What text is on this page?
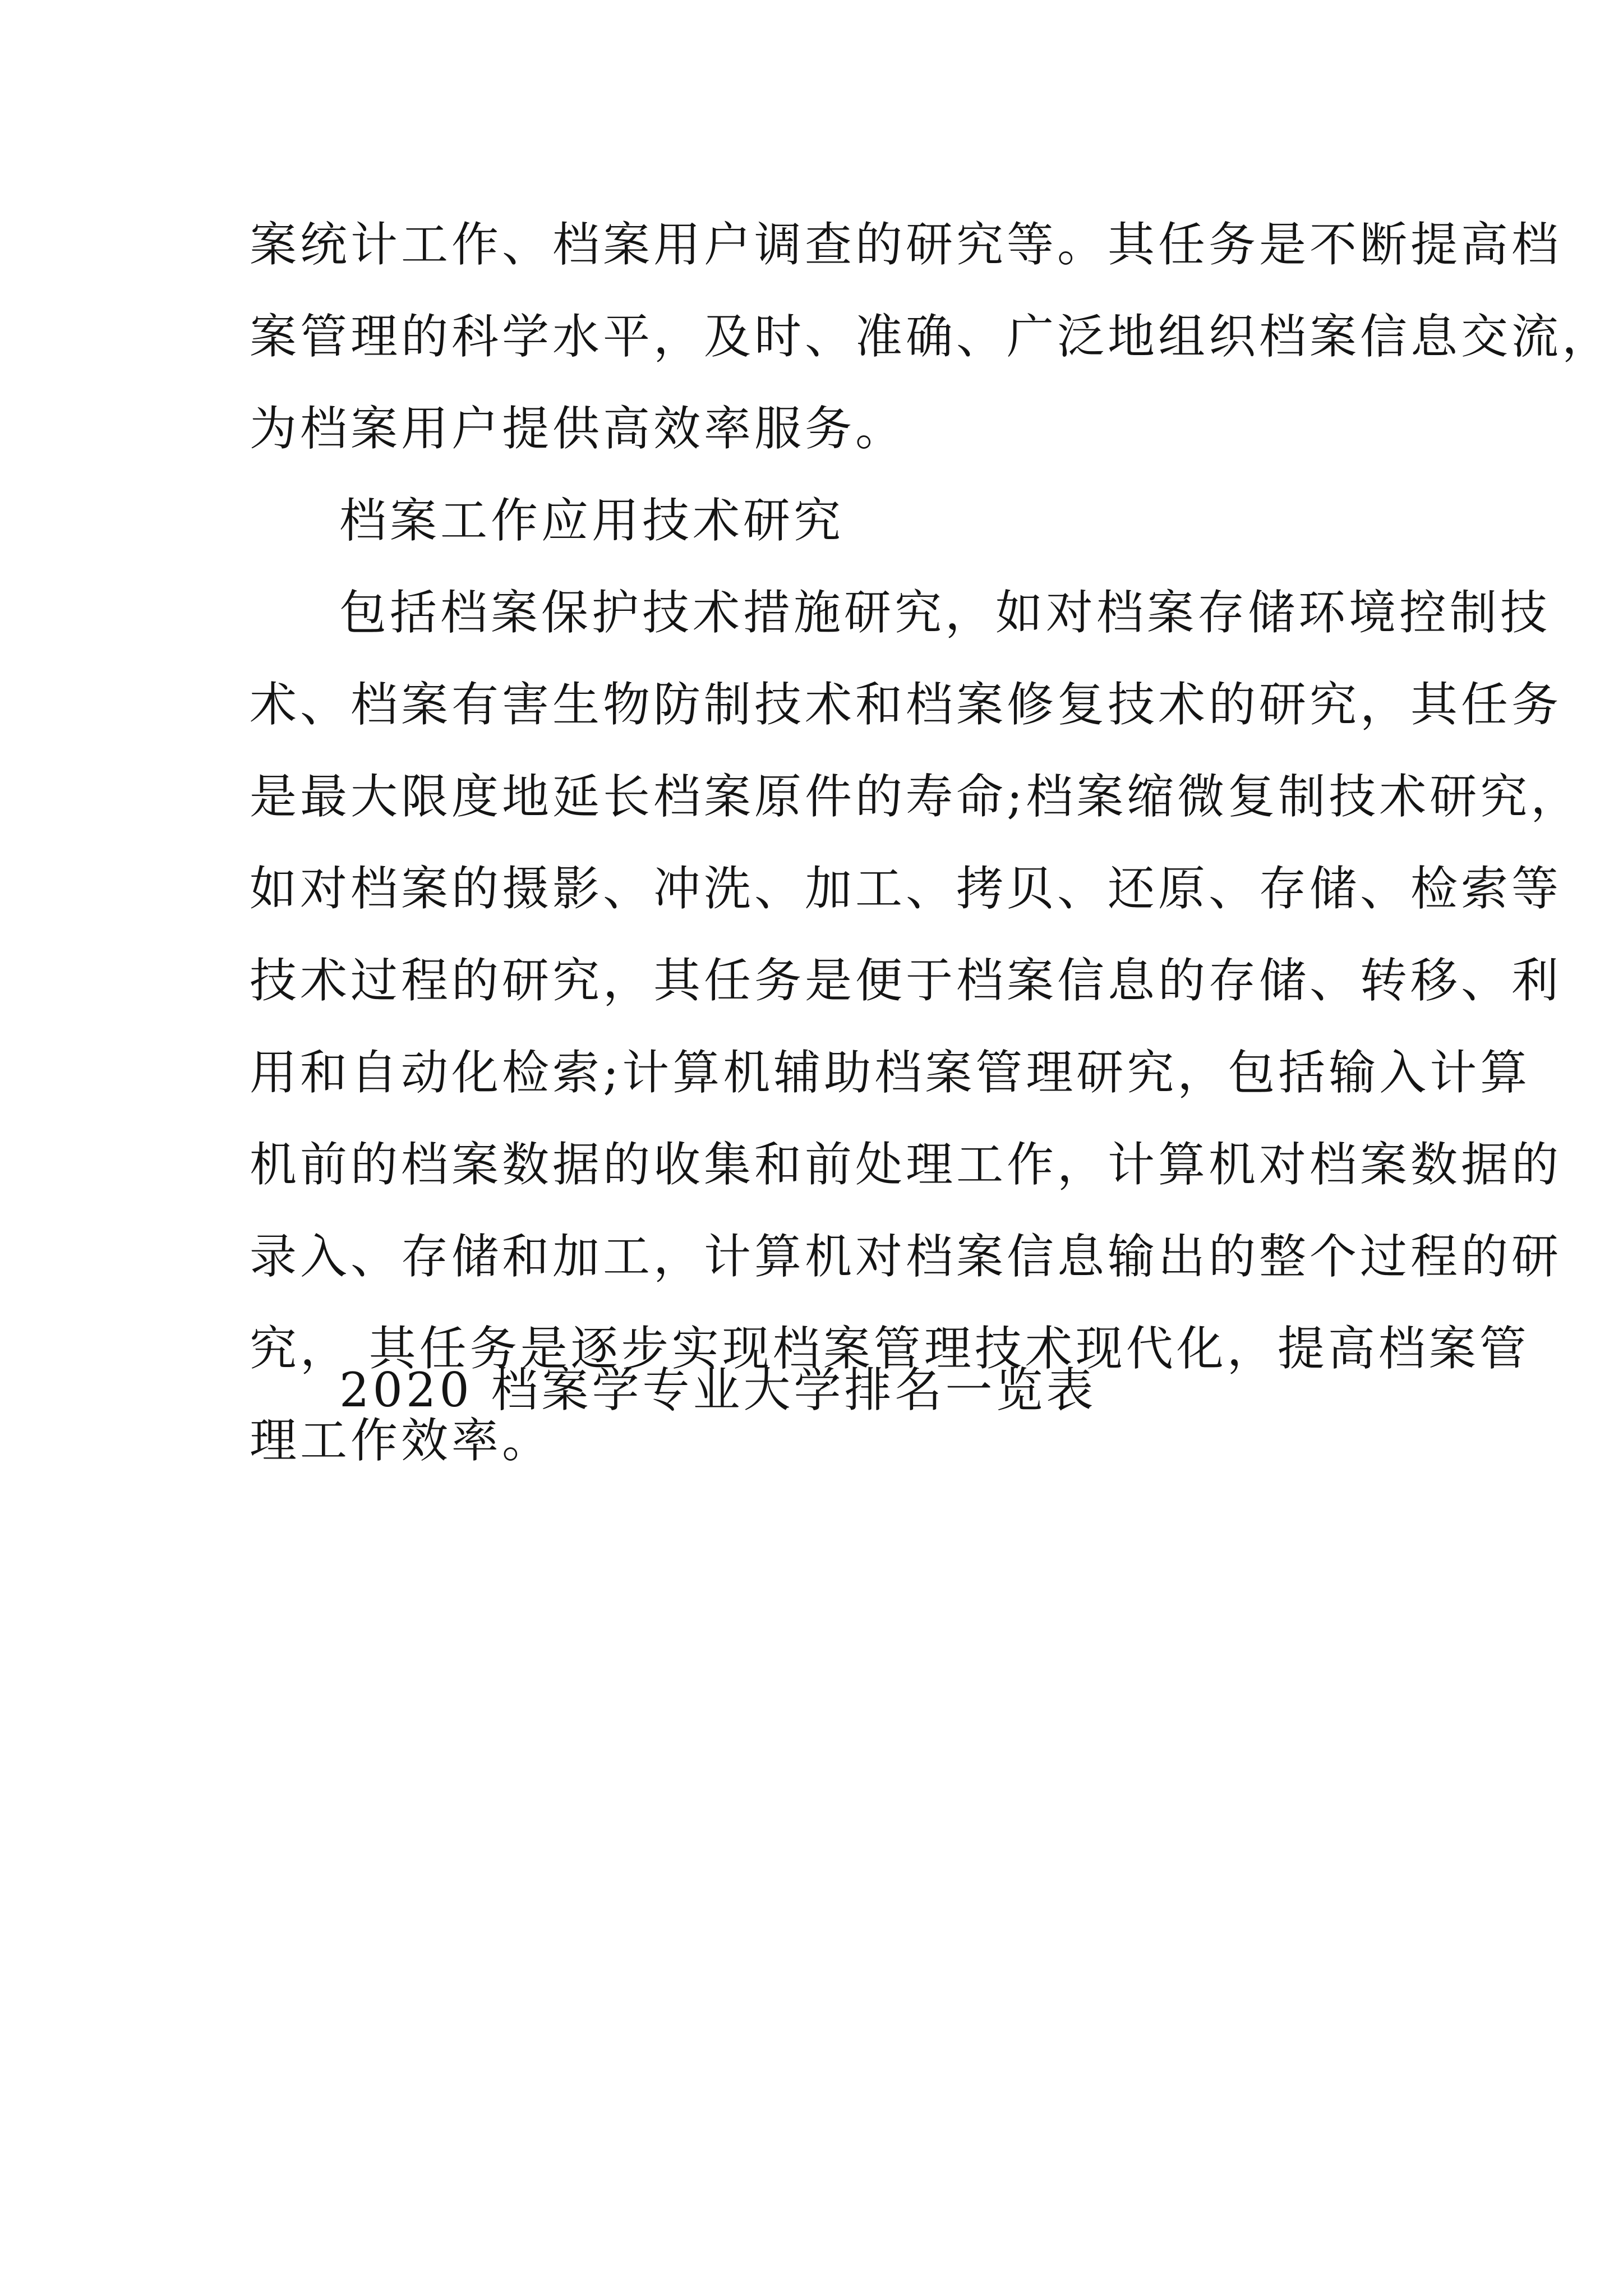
案统计工作、档案用户调查的研究等。其任务是不断提高档
案管理的科学水平，及时、准确、广泛地组织档案信息交流，
为档案用户提供高效率服务。

档案工作应用技术研究

包括档案保护技术措施研究，如对档案存储环境控制技
术、档案有害生物防制技术和档案修复技术的研究，其任务
是最大限度地延长档案原件的寿命;档案缩微复制技术研究，
如对档案的摄影、冲洗、加工、拷贝、还原、存储、检索等
技术过程的研究，其任务是便于档案信息的存储、转移、利
用和自动化检索;计算机辅助档案管理研究，包括输入计算
机前的档案数据的收集和前处理工作，计算机对档案数据的
录入、存储和加工，计算机对档案信息输出的整个过程的研
究， 其任务是逐步实现档案管理技术现代化，提高档案管
理工作效率。

2020 档案学专业大学排名一览表
